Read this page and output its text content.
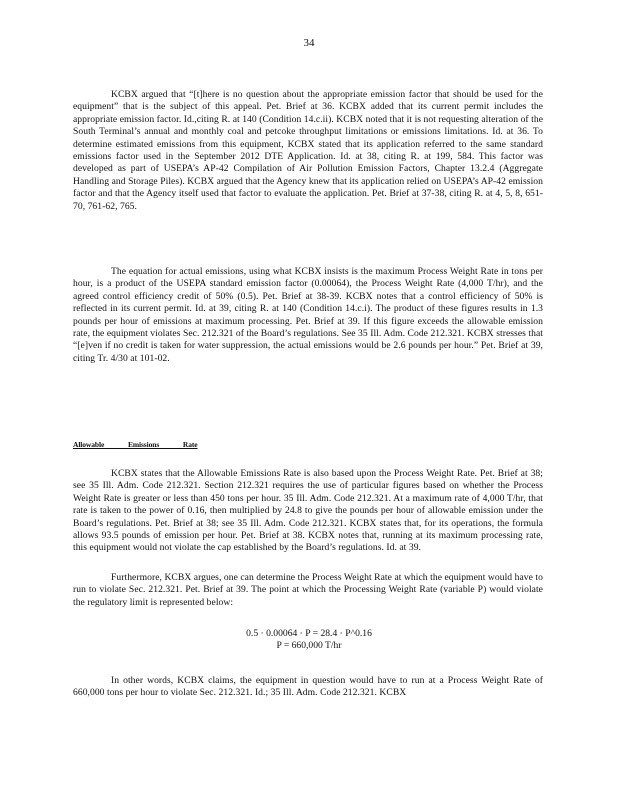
34

KCBX argued that “[t]here is no question about the appropriate emission factor that should be used for the equipment” that is the subject of this appeal. Pet. Brief at 36. KCBX added that its current permit includes the appropriate emission factor. Id.,citing R. at 140 (Condition 14.c.ii). KCBX noted that it is not requesting alteration of the South Terminal’s annual and monthly coal and petcoke throughput limitations or emissions limitations. Id. at 36. To determine estimated emissions from this equipment, KCBX stated that its application referred to the same standard emissions factor used in the September 2012 DTE Application. Id. at 38, citing R. at 199, 584. This factor was developed as part of USEPA’s AP-42 Compilation of Air Pollution Emission Factors, Chapter 13.2.4 (Aggregate Handling and Storage Piles). KCBX argued that the Agency knew that its application relied on USEPA’s AP-42 emission factor and that the Agency itself used that factor to evaluate the application. Pet. Brief at 37-38, citing R. at 4, 5, 8, 651-70, 761-62, 765.

The equation for actual emissions, using what KCBX insists is the maximum Process Weight Rate in tons per hour, is a product of the USEPA standard emission factor (0.00064), the Process Weight Rate (4,000 T/hr), and the agreed control efficiency credit of 50% (0.5). Pet. Brief at 38-39. KCBX notes that a control efficiency of 50% is reflected in its current permit. Id. at 39, citing R. at 140 (Condition 14.c.i). The product of these figures results in 1.3 pounds per hour of emissions at maximum processing. Pet. Brief at 39. If this figure exceeds the allowable emission rate, the equipment violates Sec. 212.321 of the Board’s regulations. See 35 Ill. Adm. Code 212.321. KCBX stresses that “[e]ven if no credit is taken for water suppression, the actual emissions would be 2.6 pounds per hour.” Pet. Brief at 39, citing Tr. 4/30 at 101-02.

Allowable Emissions Rate

KCBX states that the Allowable Emissions Rate is also based upon the Process Weight Rate. Pet. Brief at 38; see 35 Ill. Adm. Code 212.321. Section 212.321 requires the use of particular figures based on whether the Process Weight Rate is greater or less than 450 tons per hour. 35 Ill. Adm. Code 212.321. At a maximum rate of 4,000 T/hr, that rate is taken to the power of 0.16, then multiplied by 24.8 to give the pounds per hour of allowable emission under the Board’s regulations. Pet. Brief at 38; see 35 Ill. Adm. Code 212.321. KCBX states that, for its operations, the formula allows 93.5 pounds of emission per hour. Pet. Brief at 38. KCBX notes that, running at its maximum processing rate, this equipment would not violate the cap established by the Board’s regulations. Id. at 39.

Furthermore, KCBX argues, one can determine the Process Weight Rate at which the equipment would have to run to violate Sec. 212.321. Pet. Brief at 39. The point at which the Processing Weight Rate (variable P) would violate the regulatory limit is represented below:

0.5 · 0.00064 · P = 28.4 · P^0.16
P = 660,000 T/hr

In other words, KCBX claims, the equipment in question would have to run at a Process Weight Rate of 660,000 tons per hour to violate Sec. 212.321. Id.; 35 Ill. Adm. Code 212.321. KCBX
